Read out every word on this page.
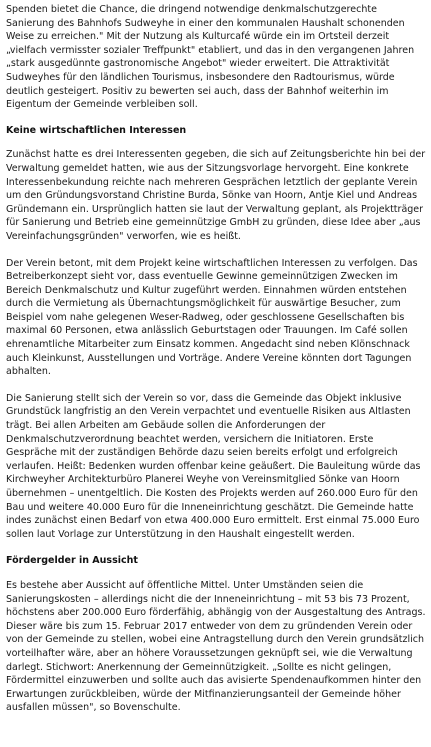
Spenden bietet die Chance, die dringend notwendige denkmalschutzgerechte Sanierung des Bahnhofs Sudweyhe in einer den kommunalen Haushalt schonenden Weise zu erreichen." Mit der Nutzung als Kulturcafé würde ein im Ortsteil derzeit „vielfach vermisster sozialer Treffpunkt" etabliert, und das in den vergangenen Jahren „stark ausgedünnte gastronomische Angebot" wieder erweitert. Die Attraktivität Sudweyhes für den ländlichen Tourismus, insbesondere den Radtourismus, würde deutlich gesteigert. Positiv zu bewerten sei auch, dass der Bahnhof weiterhin im Eigentum der Gemeinde verbleiben soll.

Keine wirtschaftlichen Interessen

Zunächst hatte es drei Interessenten gegeben, die sich auf Zeitungsberichte hin bei der Verwaltung gemeldet hatten, wie aus der Sitzungsvorlage hervorgeht. Eine konkrete Interessenbekundung reichte nach mehreren Gesprächen letztlich der geplante Verein um den Gründungsvorstand Christine Burda, Sönke van Hoorn, Antje Kiel und Andreas Gründemann ein. Ursprünglich hatten sie laut der Verwaltung geplant, als Projektträger für Sanierung und Betrieb eine gemeinnützige GmbH zu gründen, diese Idee aber „aus Vereinfachungsgründen" verworfen, wie es heißt.

Der Verein betont, mit dem Projekt keine wirtschaftlichen Interessen zu verfolgen. Das Betreiberkonzept sieht vor, dass eventuelle Gewinne gemeinnützigen Zwecken im Bereich Denkmalschutz und Kultur zugeführt werden. Einnahmen würden entstehen durch die Vermietung als Übernachtungsmöglichkeit für auswärtige Besucher, zum Beispiel vom nahe gelegenen Weser-Radweg, oder geschlossene Gesellschaften bis maximal 60 Personen, etwa anlässlich Geburtstagen oder Trauungen. Im Café sollen ehrenamtliche Mitarbeiter zum Einsatz kommen. Angedacht sind neben Klönschnack auch Kleinkunst, Ausstellungen und Vorträge. Andere Vereine könnten dort Tagungen abhalten.

Die Sanierung stellt sich der Verein so vor, dass die Gemeinde das Objekt inklusive Grundstück langfristig an den Verein verpachtet und eventuelle Risiken aus Altlasten trägt. Bei allen Arbeiten am Gebäude sollen die Anforderungen der Denkmalschutzverordnung beachtet werden, versichern die Initiatoren. Erste Gespräche mit der zuständigen Behörde dazu seien bereits erfolgt und erfolgreich verlaufen. Heißt: Bedenken wurden offenbar keine geäußert. Die Bauleitung würde das Kirchweyher Architekturbüro Planerei Weyhe von Vereinsmitglied Sönke van Hoorn übernehmen – unentgeltlich. Die Kosten des Projekts werden auf 260.000 Euro für den Bau und weitere 40.000 Euro für die Inneneinrichtung geschätzt. Die Gemeinde hatte indes zunächst einen Bedarf von etwa 400.000 Euro ermittelt. Erst einmal 75.000 Euro sollen laut Vorlage zur Unterstützung in den Haushalt eingestellt werden.

Fördergelder in Aussicht

Es bestehe aber Aussicht auf öffentliche Mittel. Unter Umständen seien die Sanierungskosten – allerdings nicht die der Inneneinrichtung – mit 53 bis 73 Prozent, höchstens aber 200.000 Euro förderfähig, abhängig von der Ausgestaltung des Antrags. Dieser wäre bis zum 15. Februar 2017 entweder von dem zu gründenden Verein oder von der Gemeinde zu stellen, wobei eine Antragstellung durch den Verein grundsätzlich vorteilhafter wäre, aber an höhere Voraussetzungen geknüpft sei, wie die Verwaltung darlegt. Stichwort: Anerkennung der Gemeinnützigkeit. „Sollte es nicht gelingen, Fördermittel einzuwerben und sollte auch das avisierte Spendenaufkommen hinter den Erwartungen zurückbleiben, würde der Mitfinanzierungsanteil der Gemeinde höher ausfallen müssen", so Bovenschulte.
